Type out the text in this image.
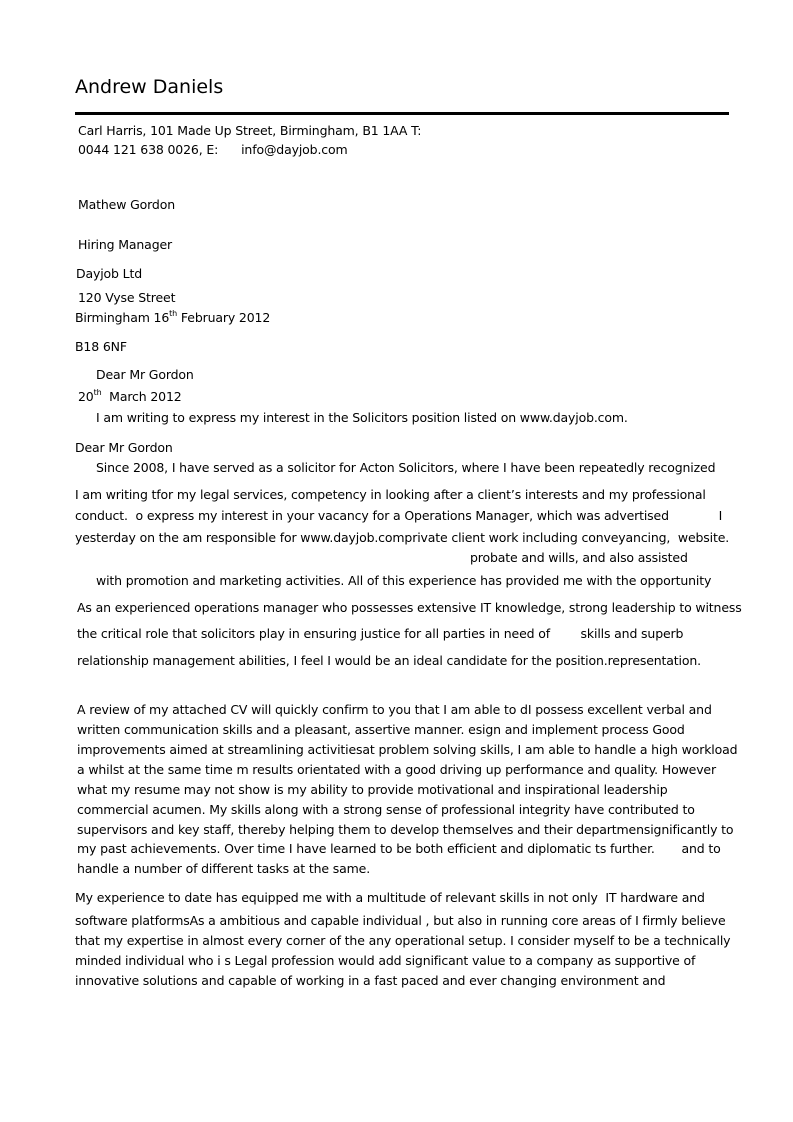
Andrew Daniels
Carl Harris, 101 Made Up Street, Birmingham, B1 1AA T:
0044 121 638 0026, E:      info@dayjob.com
Mathew Gordon
Hiring Manager
Dayjob Ltd
120 Vyse Street
Birmingham 16th February 2012
B18 6NF
Dear Mr Gordon
20th  March 2012
I am writing to express my interest in the Solicitors position listed on www.dayjob.com.
Dear Mr Gordon
Since 2008, I have served as a solicitor for Acton Solicitors, where I have been repeatedly recognized
I am writing tfor my legal services, competency in looking after a client’s interests and my professional
conduct.  o express my interest in your vacancy for a Operations Manager, which was advertised             I
yesterday on the am responsible for www.dayjob.comprivate client work including conveyancing,  website.
probate and wills, and also assisted
with promotion and marketing activities. All of this experience has provided me with the opportunity
As an experienced operations manager who possesses extensive IT knowledge, strong leadership to witness
the critical role that solicitors play in ensuring justice for all parties in need of        skills and superb
relationship management abilities, I feel I would be an ideal candidate for the position.representation.
A review of my attached CV will quickly confirm to you that I am able to dI possess excellent verbal and
written communication skills and a pleasant, assertive manner. esign and implement process Good
improvements aimed at streamlining activitiesat problem solving skills, I am able to handle a high workload
a whilst at the same time m results orientated with a good driving up performance and quality. However
what my resume may not show is my ability to provide motivational and inspirational leadership
commercial acumen. My skills along with a strong sense of professional integrity have contributed to
supervisors and key staff, thereby helping them to develop themselves and their departmensignificantly to
my past achievements. Over time I have learned to be both efficient and diplomatic ts further.       and to
handle a number of different tasks at the same.
My experience to date has equipped me with a multitude of relevant skills in not only  IT hardware and
software platformsAs a ambitious and capable individual , but also in running core areas of I firmly believe
that my expertise in almost every corner of the any operational setup. I consider myself to be a technically
minded individual who i s Legal profession would add significant value to a company as supportive of
innovative solutions and capable of working in a fast paced and ever changing environment and
